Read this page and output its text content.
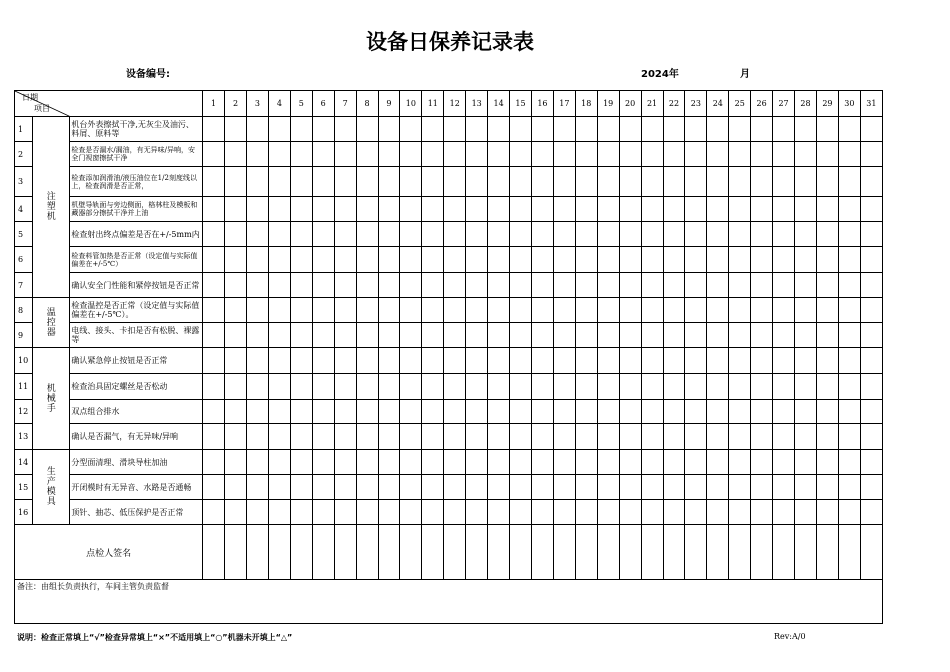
设备日保养记录表
设备编号:	2024年	月
日期
项目			1	2	3	4	5	6	7	8	9	10	11	12	13	14	15	16	17	18	19	20	21	22	23	24	25	26	27	28	29	30	31
1	注塑机	机台外表擦拭干净,无灰尘及油污、料屑、原料等																															
2		检查是否漏水/漏油，有无异味/异响，安全门视窗擦拭干净																															
3		检查添加润滑油/液压油位在1/2刻度线以上，检查润滑是否正常，																															
4		机壁导轨面与旁边侧面，格林柱及模板和藏器部分擦拭干净并上油																															
5		检查射出终点偏差是否在+/-5mm内																															
6		检查料管加热是否正常（设定值与实际值偏差在+/-5℃）																															
7		确认安全门性能和紧停按钮是否正常																															
8	温控器	检查温控是否正常（设定值与实际值偏差在+/-5℃）。																															
9		电线、接头、卡扣是否有松脱、裸露等																															
10	机械手	确认紧急停止按钮是否正常																															
11		检查治具固定螺丝是否松动																															
12		双点组合排水																															
13		确认是否漏气，有无异味/异响																															
14	生产模具	分型面清理、滑块导柱加油																															
15		开闭模时有无异音、水路是否通畅																															
16		顶针、抽芯、低压保护是否正常																															
点检人签名																																	
备注：由组长负责执行，车间主管负责监督																																	
说明：检查正常填上“√”检查异常填上“×”不适用填上“○”机器未开填上“△”	Rev:A/0
